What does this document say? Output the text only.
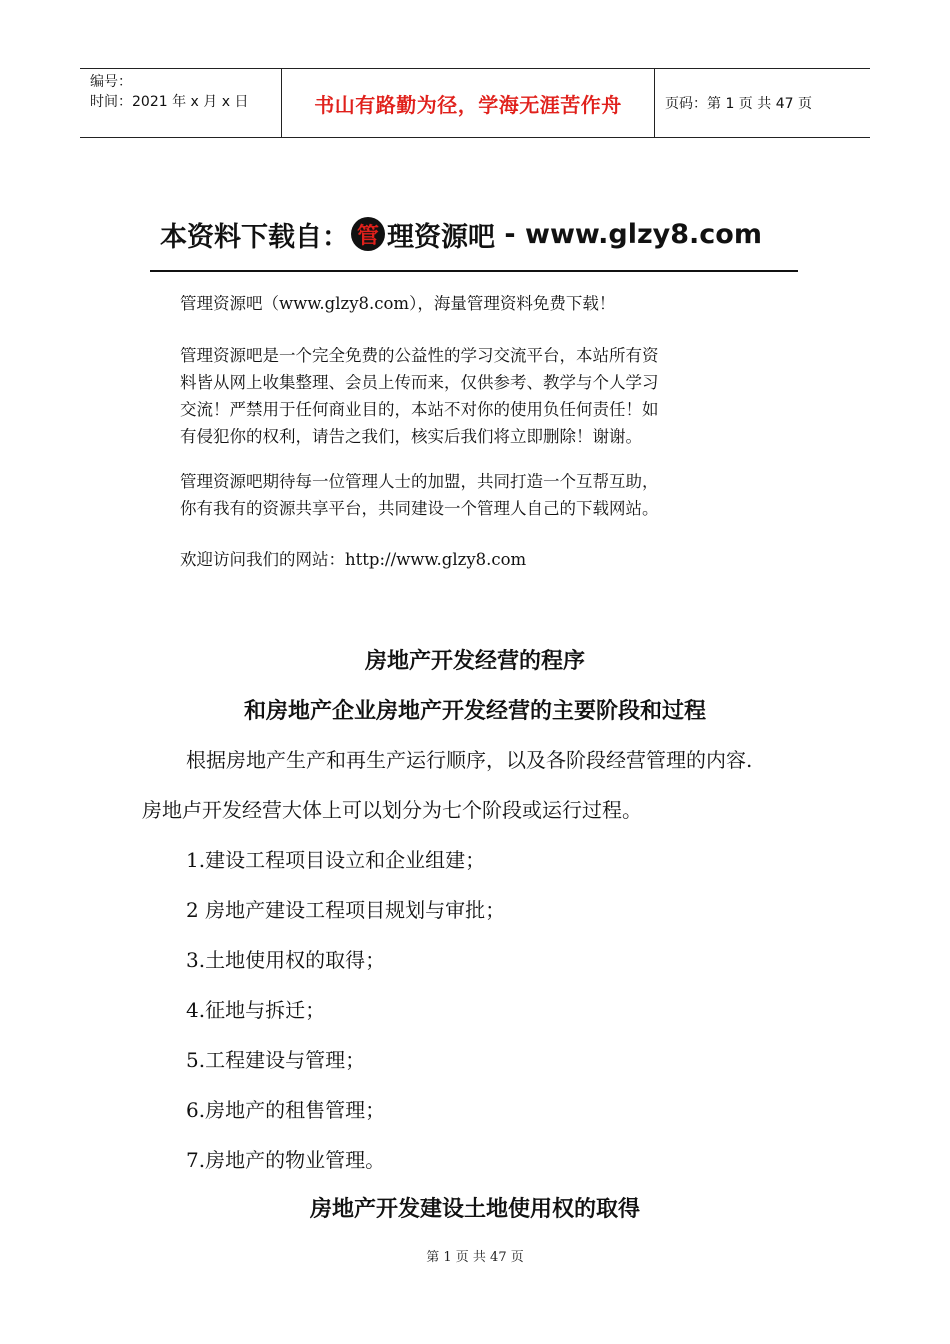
编号：
时间：2021 年 x 月 x 日	书山有路勤为径，学海无涯苦作舟	页码：第 1 页 共 47 页
本资料下载自： 管 理资源吧 - www.glzy8.com

管理资源吧（www.glzy8.com），海量管理资料免费下载！

管理资源吧是一个完全免费的公益性的学习交流平台，本站所有资

料皆从网上收集整理、会员上传而来，仅供参考、教学与个人学习

交流！严禁用于任何商业目的，本站不对你的使用负任何责任！如

有侵犯你的权利，请告之我们，核实后我们将立即删除！谢谢。

管理资源吧期待每一位管理人士的加盟，共同打造一个互帮互助，

你有我有的资源共享平台，共同建设一个管理人自己的下载网站。

欢迎访问我们的网站：http://www.glzy8.com

房地产开发经营的程序
和房地产企业房地产开发经营的主要阶段和过程
根据房地产生产和再生产运行顺序，以及各阶段经营管理的内容.
房地卢开发经营大体上可以划分为七个阶段或运行过程。
1.建设工程项目设立和企业组建；
2 房地产建设工程项目规划与审批；
3.土地使用权的取得；
4.征地与拆迁；
5.工程建设与管理；
6.房地产的租售管理；
7.房地产的物业管理。
房地产开发建设土地使用权的取得
第 1 页 共 47 页
